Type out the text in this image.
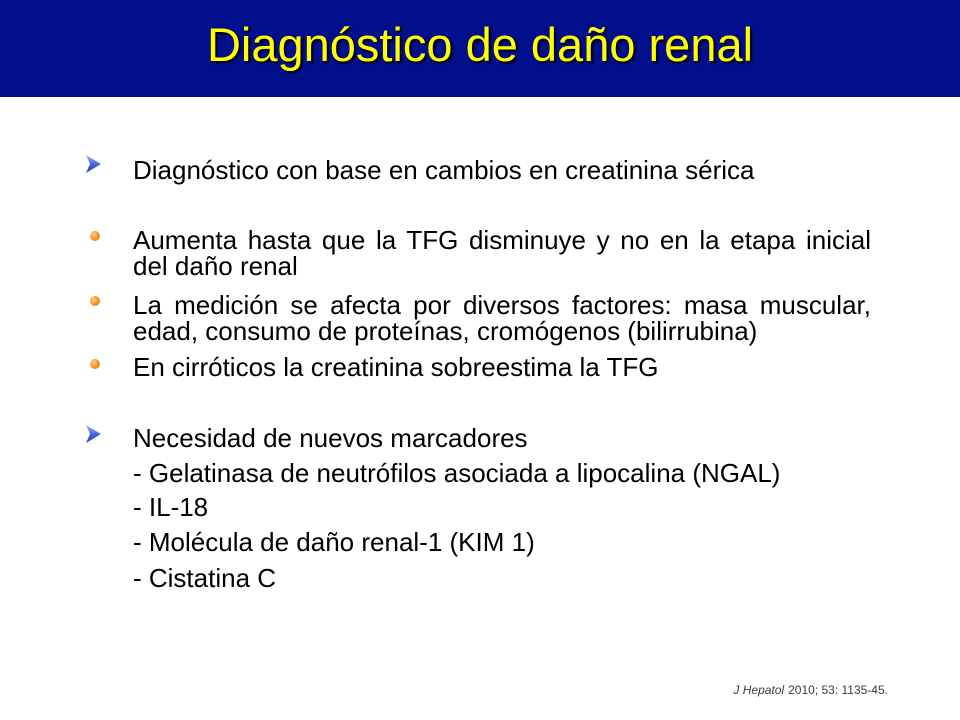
Diagnóstico de daño renal
Diagnóstico con base en cambios en creatinina sérica
Aumenta hasta que la TFG disminuye y no en la etapa inicial del daño renal
La medición se afecta por diversos factores: masa muscular, edad, consumo de proteínas, cromógenos (bilirrubina)
En cirróticos la creatinina sobreestima la TFG
Necesidad de nuevos marcadores
- Gelatinasa de neutrófilos asociada a lipocalina (NGAL)
- IL-18
- Molécula de daño renal-1 (KIM 1)
- Cistatina C
J Hepatol 2010; 53: 1135-45.
